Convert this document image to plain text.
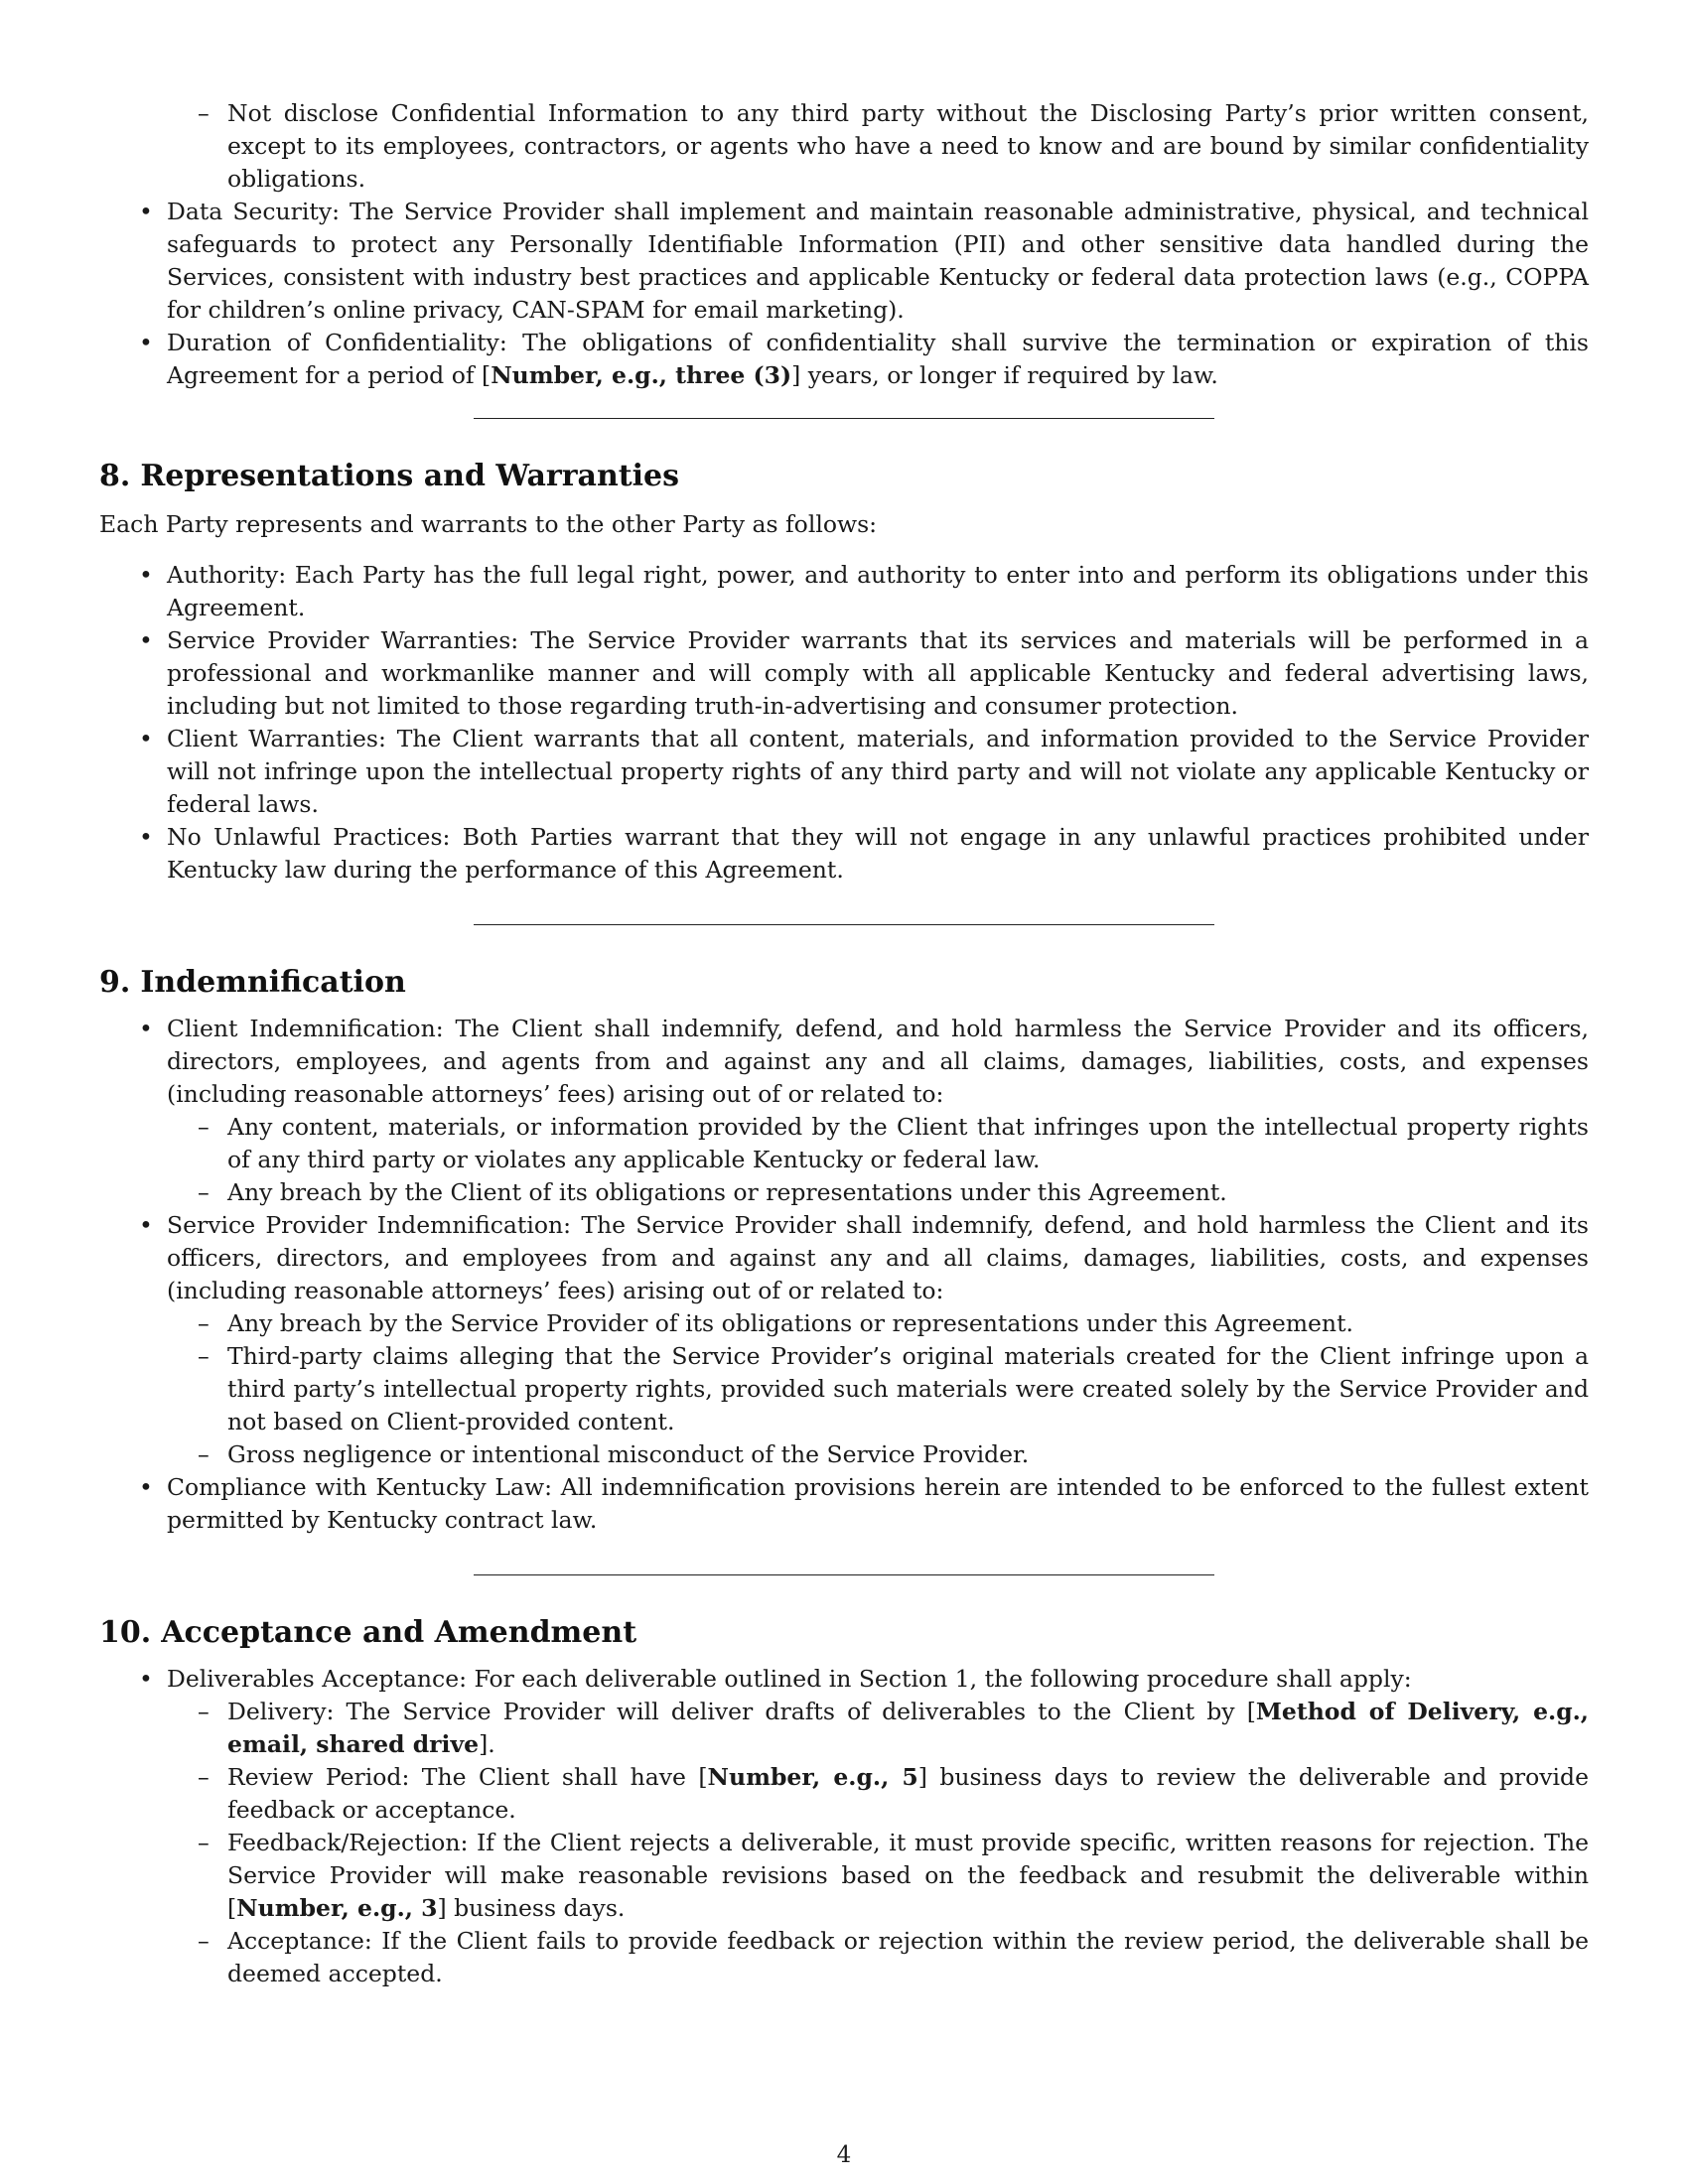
– Not disclose Confidential Information to any third party without the Disclosing Party’s prior written consent, except to its employees, contractors, or agents who have a need to know and are bound by similar confidentiality obligations.
• Data Security: The Service Provider shall implement and maintain reasonable administrative, physical, and technical safeguards to protect any Personally Identifiable Information (PII) and other sensitive data handled during the Services, consistent with industry best practices and applicable Kentucky or federal data protection laws (e.g., COPPA for children’s online privacy, CAN-SPAM for email marketing).
• Duration of Confidentiality: The obligations of confidentiality shall survive the termination or expiration of this Agreement for a period of [Number, e.g., three (3)] years, or longer if required by law.
8. Representations and Warranties

Each Party represents and warrants to the other Party as follows:

• Authority: Each Party has the full legal right, power, and authority to enter into and perform its obligations under this Agreement.
• Service Provider Warranties: The Service Provider warrants that its services and materials will be performed in a professional and workmanlike manner and will comply with all applicable Kentucky and federal advertising laws, including but not limited to those regarding truth-in-advertising and consumer protection.
• Client Warranties: The Client warrants that all content, materials, and information provided to the Service Provider will not infringe upon the intellectual property rights of any third party and will not violate any applicable Kentucky or federal laws.
• No Unlawful Practices: Both Parties warrant that they will not engage in any unlawful practices prohibited under Kentucky law during the performance of this Agreement.
9. Indemnification
• Client Indemnification: The Client shall indemnify, defend, and hold harmless the Service Provider and its officers, directors, employees, and agents from and against any and all claims, damages, liabilities, costs, and expenses (including reasonable attorneys’ fees) arising out of or related to:
– Any content, materials, or information provided by the Client that infringes upon the intellectual property rights of any third party or violates any applicable Kentucky or federal law.
– Any breach by the Client of its obligations or representations under this Agreement.
• Service Provider Indemnification: The Service Provider shall indemnify, defend, and hold harmless the Client and its officers, directors, and employees from and against any and all claims, damages, liabilities, costs, and expenses (including reasonable attorneys’ fees) arising out of or related to:
– Any breach by the Service Provider of its obligations or representations under this Agreement.
– Third-party claims alleging that the Service Provider’s original materials created for the Client infringe upon a third party’s intellectual property rights, provided such materials were created solely by the Service Provider and not based on Client-provided content.
– Gross negligence or intentional misconduct of the Service Provider.
• Compliance with Kentucky Law: All indemnification provisions herein are intended to be enforced to the fullest extent permitted by Kentucky contract law.
10. Acceptance and Amendment
• Deliverables Acceptance: For each deliverable outlined in Section 1, the following procedure shall apply:
– Delivery: The Service Provider will deliver drafts of deliverables to the Client by [Method of Delivery, e.g., email, shared drive].
– Review Period: The Client shall have [Number, e.g., 5] business days to review the deliverable and provide feedback or acceptance.
– Feedback/Rejection: If the Client rejects a deliverable, it must provide specific, written reasons for rejection. The Service Provider will make reasonable revisions based on the feedback and resubmit the deliverable within [Number, e.g., 3] business days.
– Acceptance: If the Client fails to provide feedback or rejection within the review period, the deliverable shall be deemed accepted.
4
